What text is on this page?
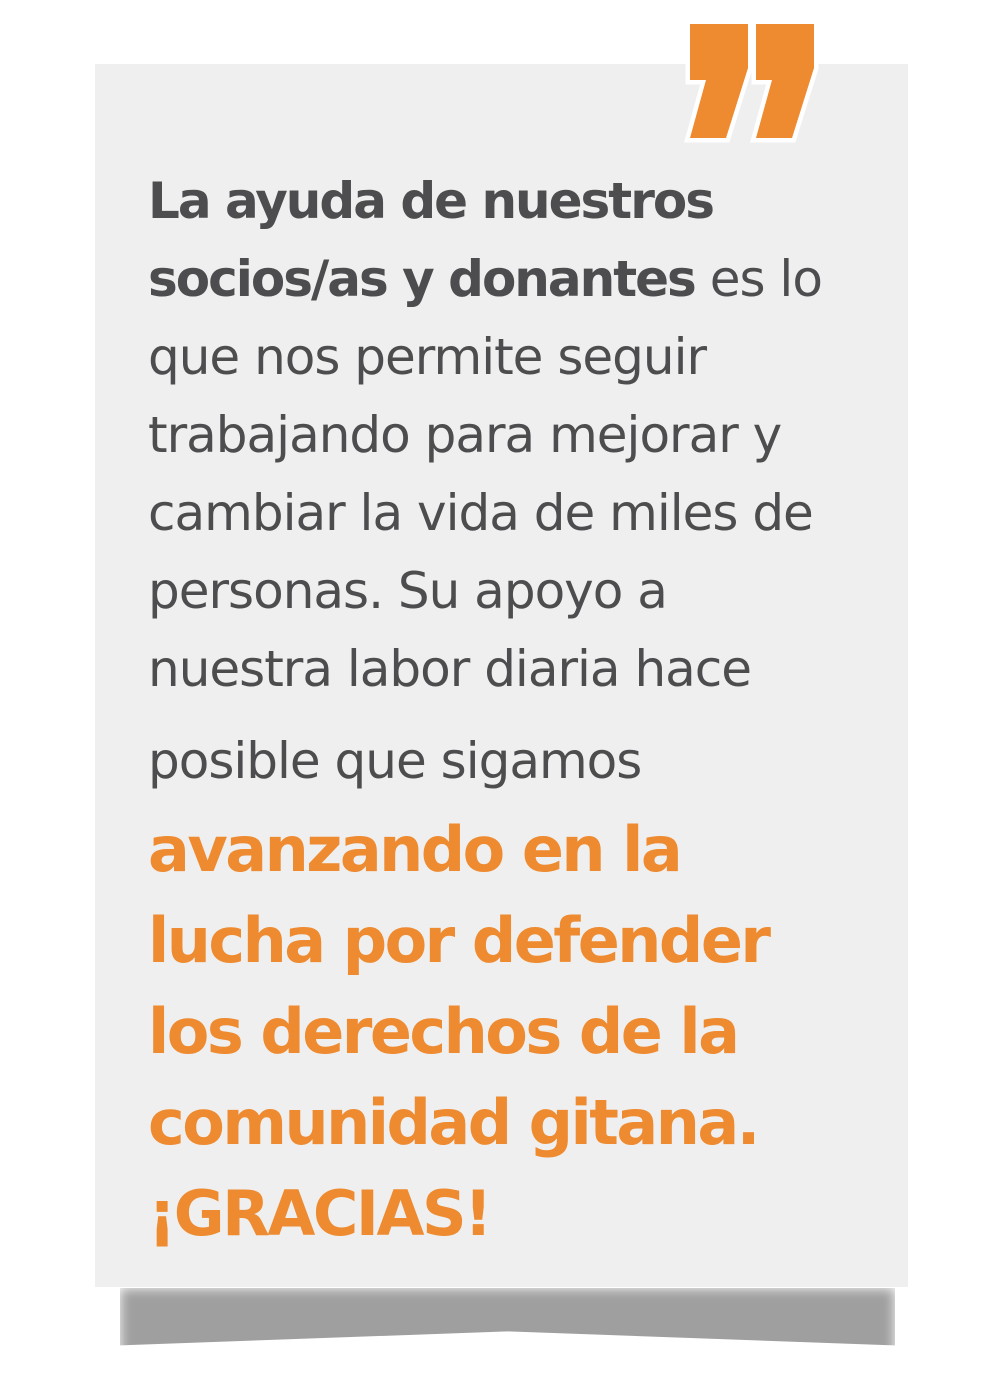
La ayuda de nuestros
socios/as y donantes es lo
que nos permite seguir
trabajando para mejorar y
cambiar la vida de miles de
personas. Su apoyo a
nuestra labor diaria hace
posible que sigamos
avanzando en la
lucha por defender
los derechos de la
comunidad gitana.
¡GRACIAS!
